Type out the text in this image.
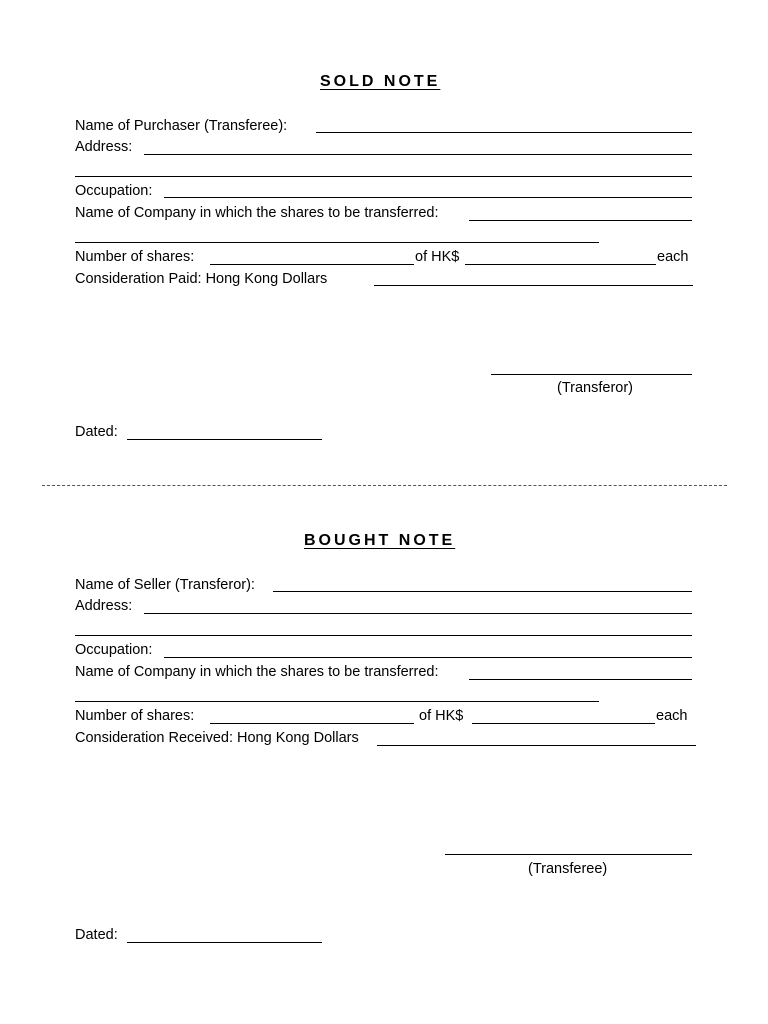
SOLD NOTE
Name of Purchaser (Transferee):
Address:
Occupation:
Name of Company in which the shares to be transferred:
Number of shares:	of HK$	each
Consideration Paid: Hong Kong Dollars
(Transferor)
Dated:
BOUGHT NOTE
Name of Seller (Transferor):
Address:
Occupation:
Name of Company in which the shares to be transferred:
Number of shares:	of HK$	each
Consideration Received: Hong Kong Dollars
(Transferee)
Dated:
